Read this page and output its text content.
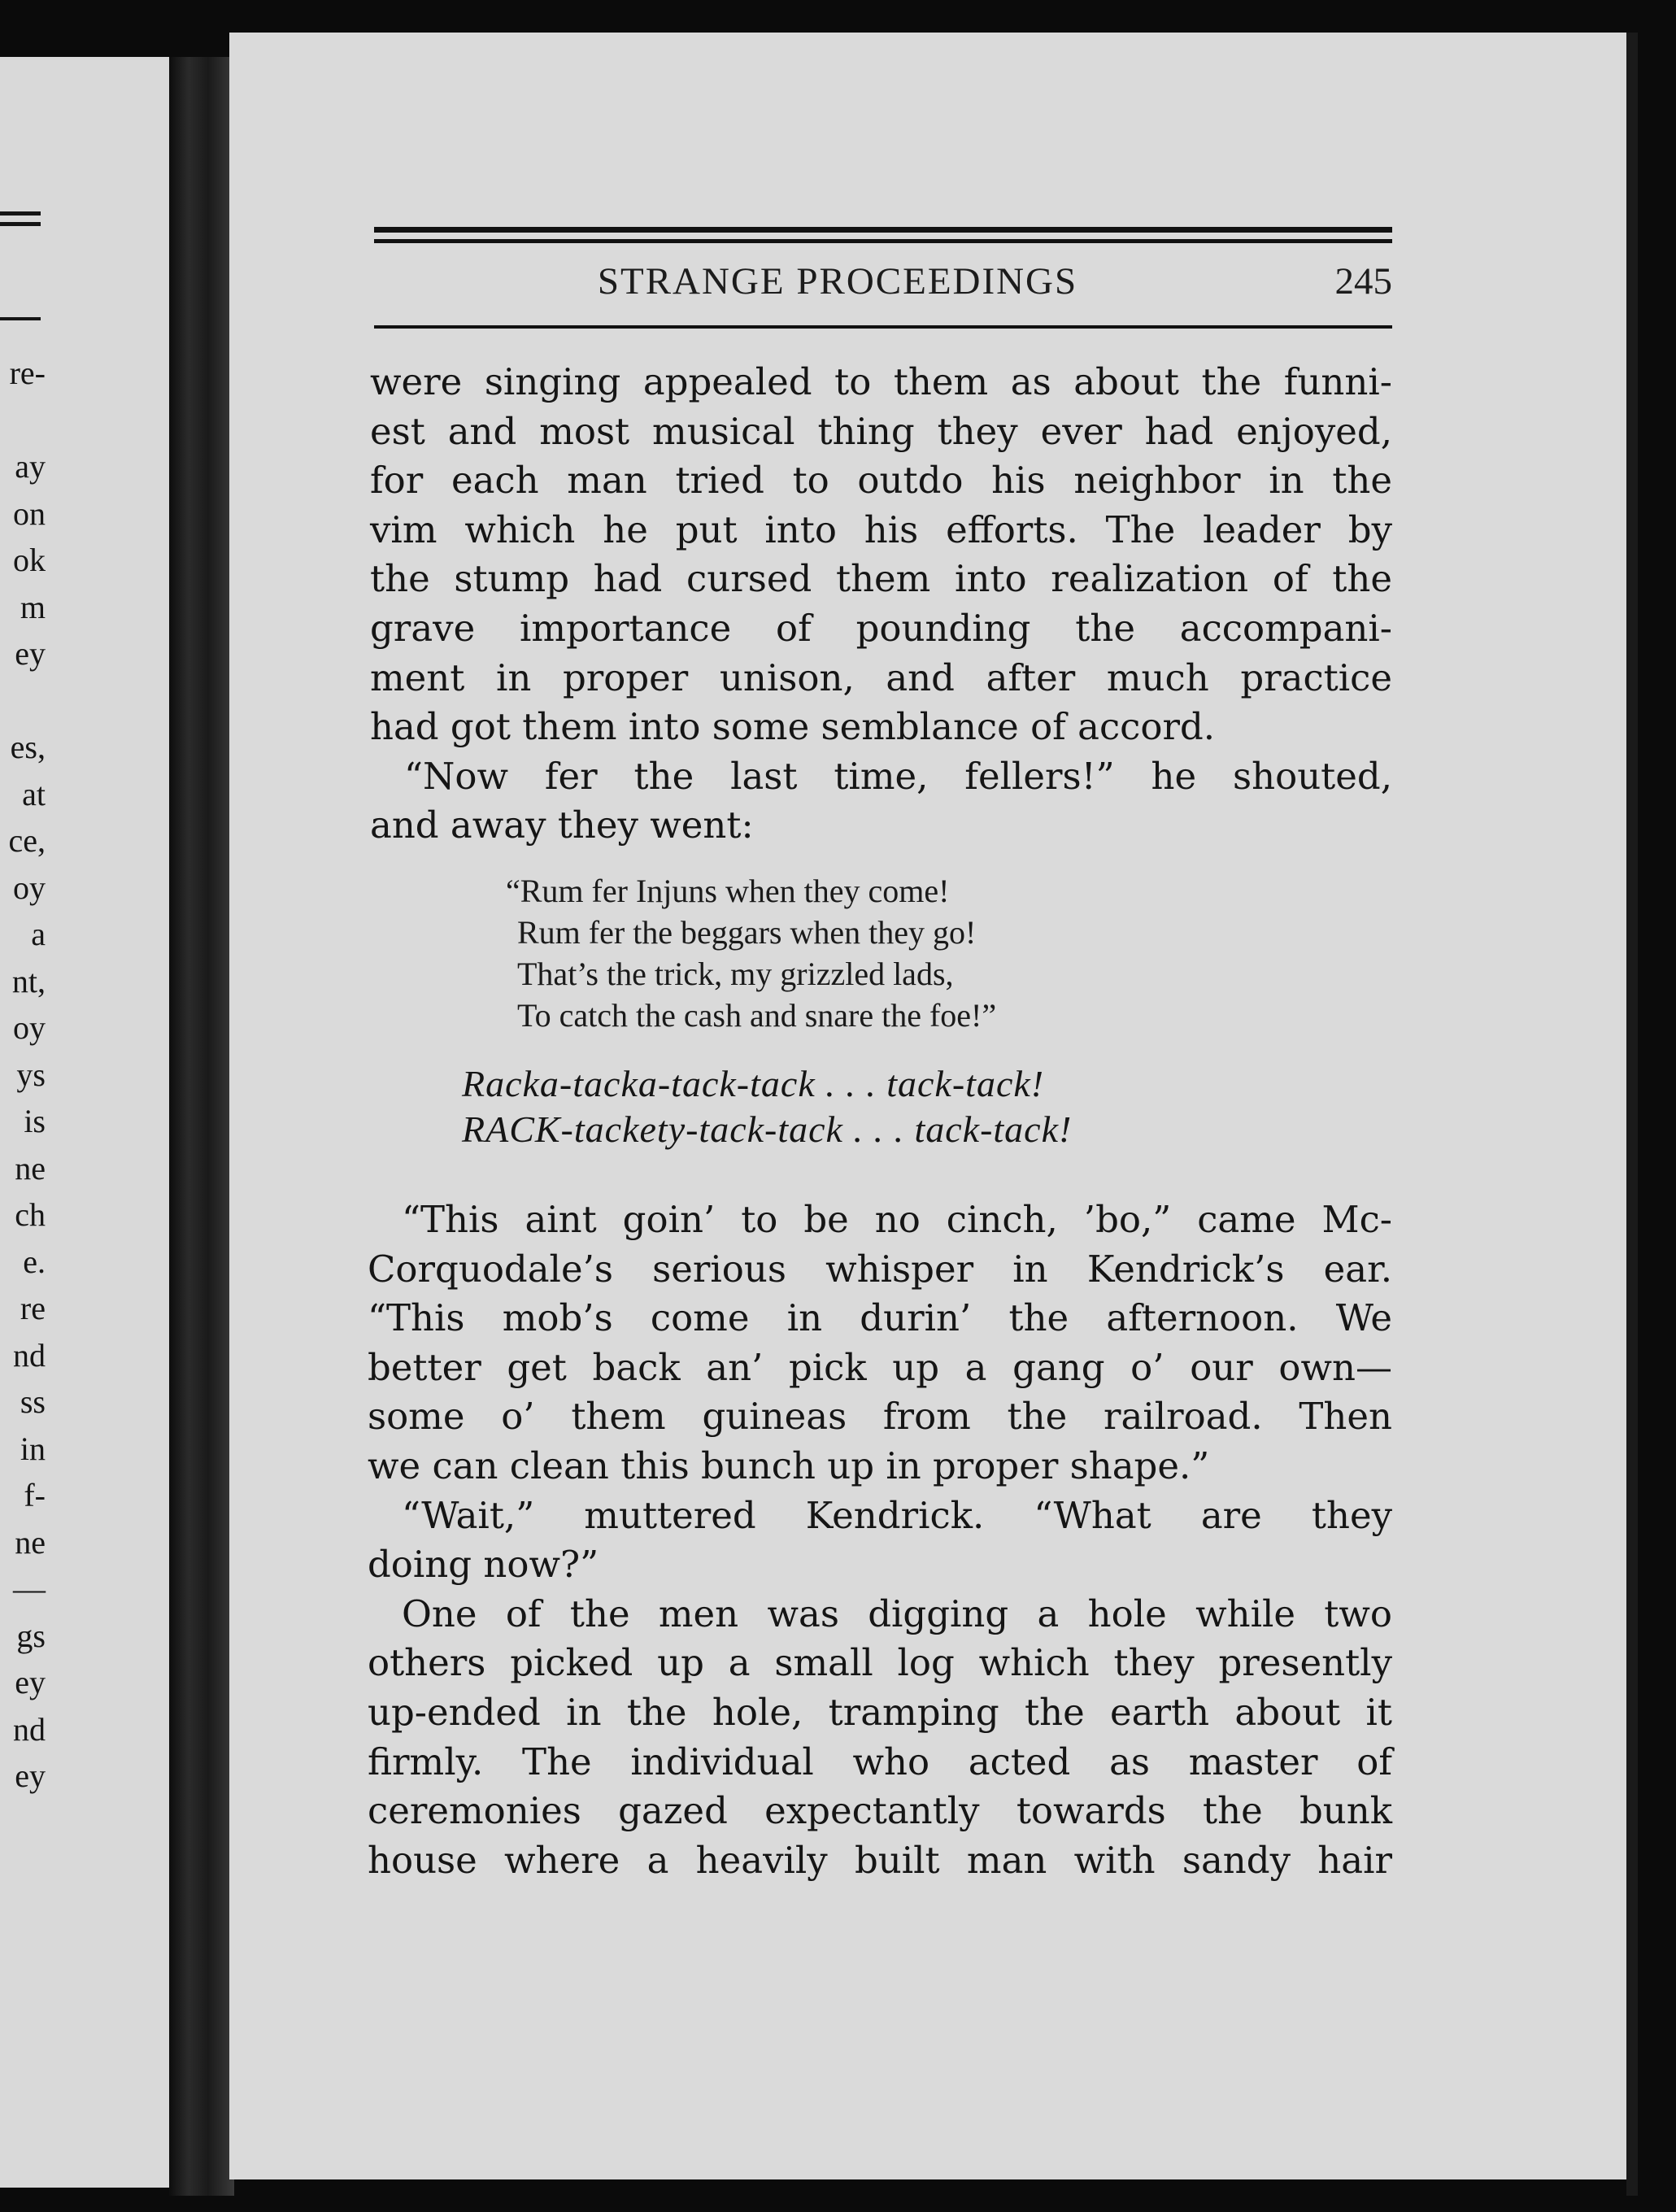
re-
ay
on
ok
m
ey
es,
at
ce,
oy
a
nt,
oy
ys
is
ne
ch
e.
re
nd
ss
in
f-
ne
—
gs
ey
nd
ey
STRANGE PROCEEDINGS	245
were singing appealed to them as about the funni-
est and most musical thing they ever had enjoyed,
for each man tried to outdo his neighbor in the
vim which he put into his efforts. The leader by
the stump had cursed them into realization of the
grave importance of pounding the accompani-
ment in proper unison, and after much practice
had got them into some semblance of accord.
“Now fer the last time, fellers!” he shouted,
and away they went:
“Rum fer Injuns when they come!
Rum fer the beggars when they go!
That’s the trick, my grizzled lads,
To catch the cash and snare the foe!”
Racka-tacka-tack-tack . . . tack-tack!
RACK-tackety-tack-tack . . . tack-tack!
“This aint goin’ to be no cinch, ’bo,” came Mc-
Corquodale’s serious whisper in Kendrick’s ear.
“This mob’s come in durin’ the afternoon. We
better get back an’ pick up a gang o’ our own—
some o’ them guineas from the railroad. Then
we can clean this bunch up in proper shape.”
“Wait,” muttered Kendrick. “What are they
doing now?”
One of the men was digging a hole while two
others picked up a small log which they presently
up-ended in the hole, tramping the earth about it
firmly. The individual who acted as master of
ceremonies gazed expectantly towards the bunk
house where a heavily built man with sandy hair
